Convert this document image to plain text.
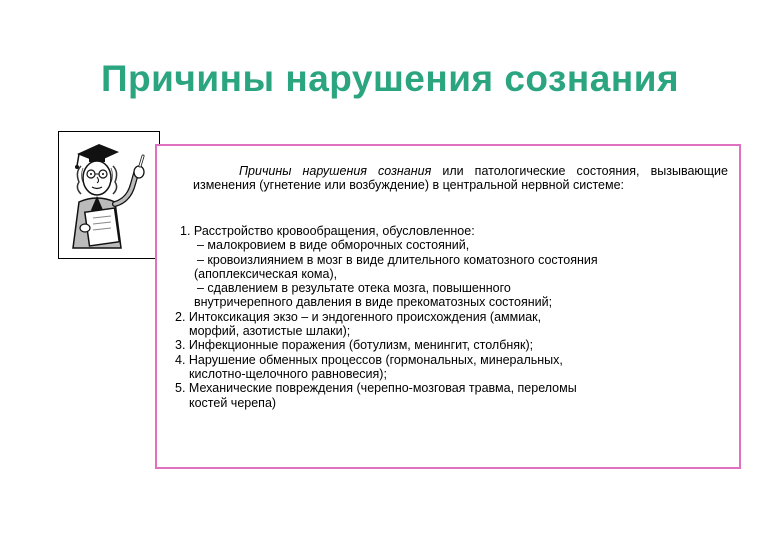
Причины нарушения сознания
Причины нарушения сознания или патологические состояния, вызывающие изменения (угнетение или возбуждение) в центральной нервной системе:
1. Расстройство кровообращения, обусловленное:
– малокровием в виде обморочных состояний,
– кровоизлиянием в мозг в виде длительного коматозного состояния
(апоплексическая кома),
– сдавлением в результате отека мозга, повышенного
внутричерепного давления в виде прекоматозных состояний;
2. Интоксикация экзо – и эндогенного происхождения (аммиак,
морфий, азотистые шлаки);
3. Инфекционные поражения (ботулизм, менингит, столбняк);
4. Нарушение обменных процессов (гормональных, минеральных,
кислотно-щелочного равновесия);
5. Механические повреждения (черепно-мозговая травма, переломы
костей черепа)
